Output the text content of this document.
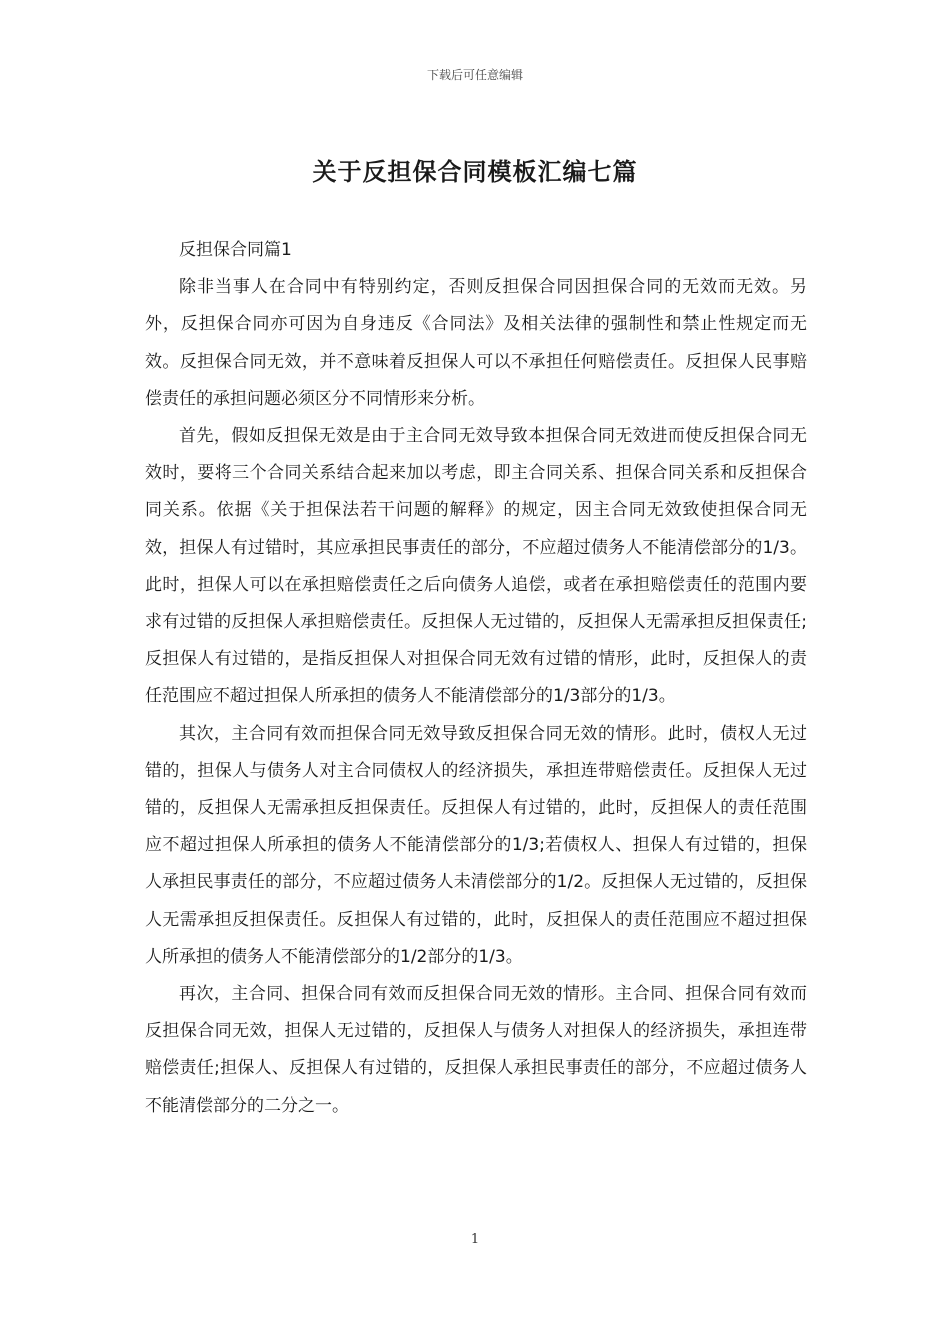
下载后可任意编辑
关于反担保合同模板汇编七篇

反担保合同篇1

除非当事人在合同中有特别约定，否则反担保合同因担保合同的无效而无效。另外，反担保合同亦可因为自身违反《合同法》及相关法律的强制性和禁止性规定而无效。反担保合同无效，并不意味着反担保人可以不承担任何赔偿责任。反担保人民事赔偿责任的承担问题必须区分不同情形来分析。

首先，假如反担保无效是由于主合同无效导致本担保合同无效进而使反担保合同无效时，要将三个合同关系结合起来加以考虑，即主合同关系、担保合同关系和反担保合同关系。依据《关于担保法若干问题的解释》的规定，因主合同无效致使担保合同无效，担保人有过错时，其应承担民事责任的部分，不应超过债务人不能清偿部分的1/3。此时，担保人可以在承担赔偿责任之后向债务人追偿，或者在承担赔偿责任的范围内要求有过错的反担保人承担赔偿责任。反担保人无过错的，反担保人无需承担反担保责任;反担保人有过错的，是指反担保人对担保合同无效有过错的情形，此时，反担保人的责任范围应不超过担保人所承担的债务人不能清偿部分的1/3部分的1/3。

其次，主合同有效而担保合同无效导致反担保合同无效的情形。此时，债权人无过错的，担保人与债务人对主合同债权人的经济损失，承担连带赔偿责任。反担保人无过错的，反担保人无需承担反担保责任。反担保人有过错的，此时，反担保人的责任范围应不超过担保人所承担的债务人不能清偿部分的1/3;若债权人、担保人有过错的，担保人承担民事责任的部分，不应超过债务人未清偿部分的1/2。反担保人无过错的，反担保人无需承担反担保责任。反担保人有过错的，此时，反担保人的责任范围应不超过担保人所承担的债务人不能清偿部分的1/2部分的1/3。

再次，主合同、担保合同有效而反担保合同无效的情形。主合同、担保合同有效而反担保合同无效，担保人无过错的，反担保人与债务人对担保人的经济损失，承担连带赔偿责任;担保人、反担保人有过错的，反担保人承担民事责任的部分，不应超过债务人不能清偿部分的二分之一。

1
